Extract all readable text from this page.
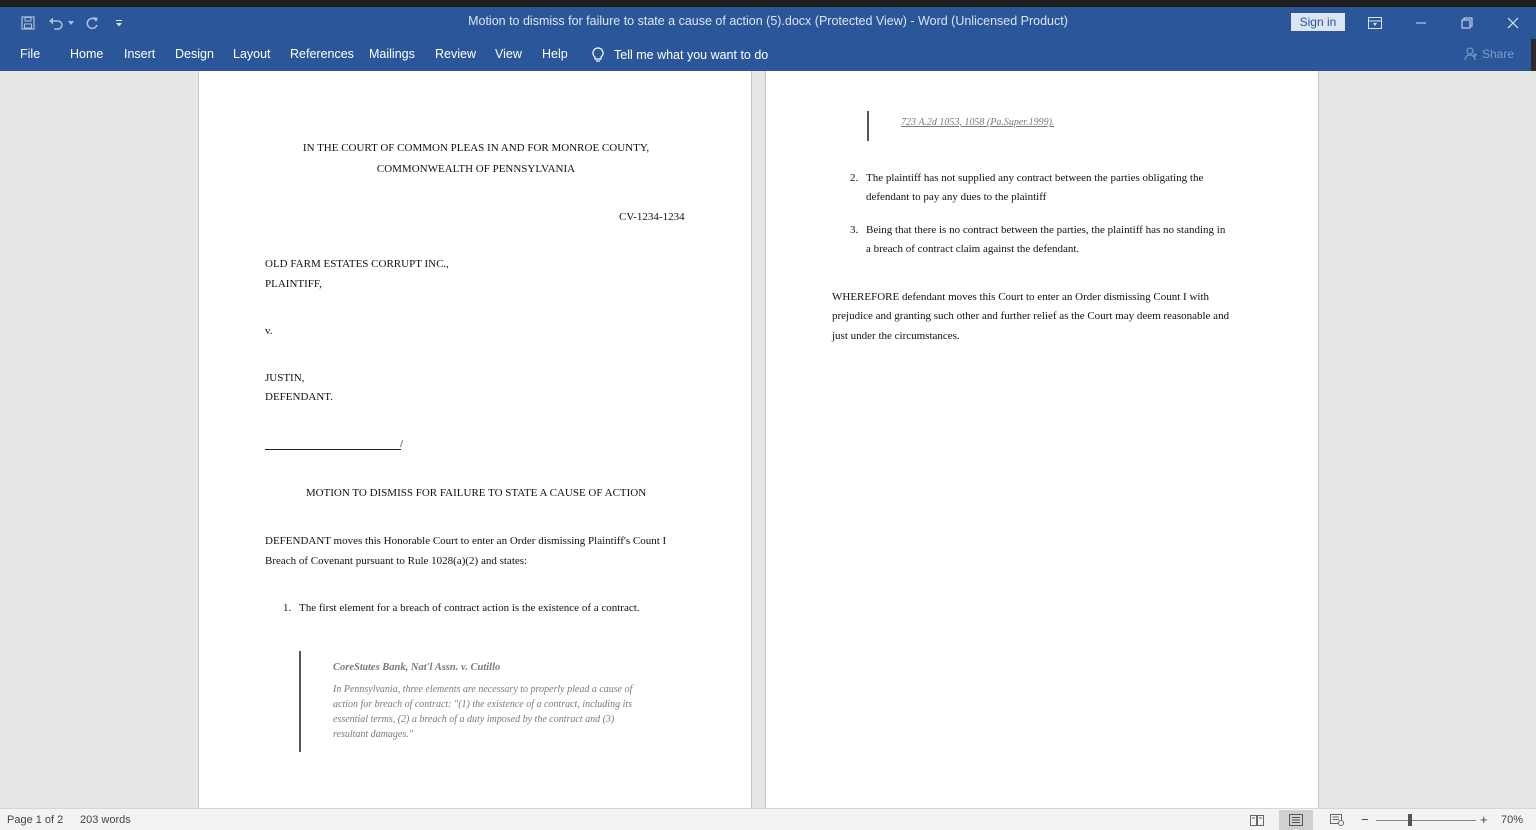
Motion to dismiss for failure to state a cause of action (5).docx (Protected View) - Word (Unlicensed Product)	Sign in
File Home Insert Design Layout References Mailings Review View Help	Tell me what you want to do	Share
IN THE COURT OF COMMON PLEAS IN AND FOR MONROE COUNTY,
COMMONWEALTH OF PENNSYLVANIA
CV-1234-1234
OLD FARM ESTATES CORRUPT INC.,
PLAINTIFF,
v.
JUSTIN,
DEFENDANT.
/
MOTION TO DISMISS FOR FAILURE TO STATE A CAUSE OF ACTION
DEFENDANT moves this Honorable Court to enter an Order dismissing Plaintiff's Count I
Breach of Covenant pursuant to Rule 1028(a)(2) and states:
1. The first element for a breach of contract action is the existence of a contract.
CoreStates Bank, Nat'l Assn. v. Cutillo
In Pennsylvania, three elements are necessary to properly plead a cause of
action for breach of contract: "(1) the existence of a contract, including its
essential terms, (2) a breach of a duty imposed by the contract and (3)
resultant damages."
723 A.2d 1053, 1058 (Pa.Super.1999).
2. The plaintiff has not supplied any contract between the parties obligating the
defendant to pay any dues to the plaintiff
3. Being that there is no contract between the parties, the plaintiff has no standing in
a breach of contract claim against the defendant.
WHEREFORE defendant moves this Court to enter an Order dismissing Count I with
prejudice and granting such other and further relief as the Court may deem reasonable and
just under the circumstances.
Page 1 of 2 203 words	−	+ 70%
